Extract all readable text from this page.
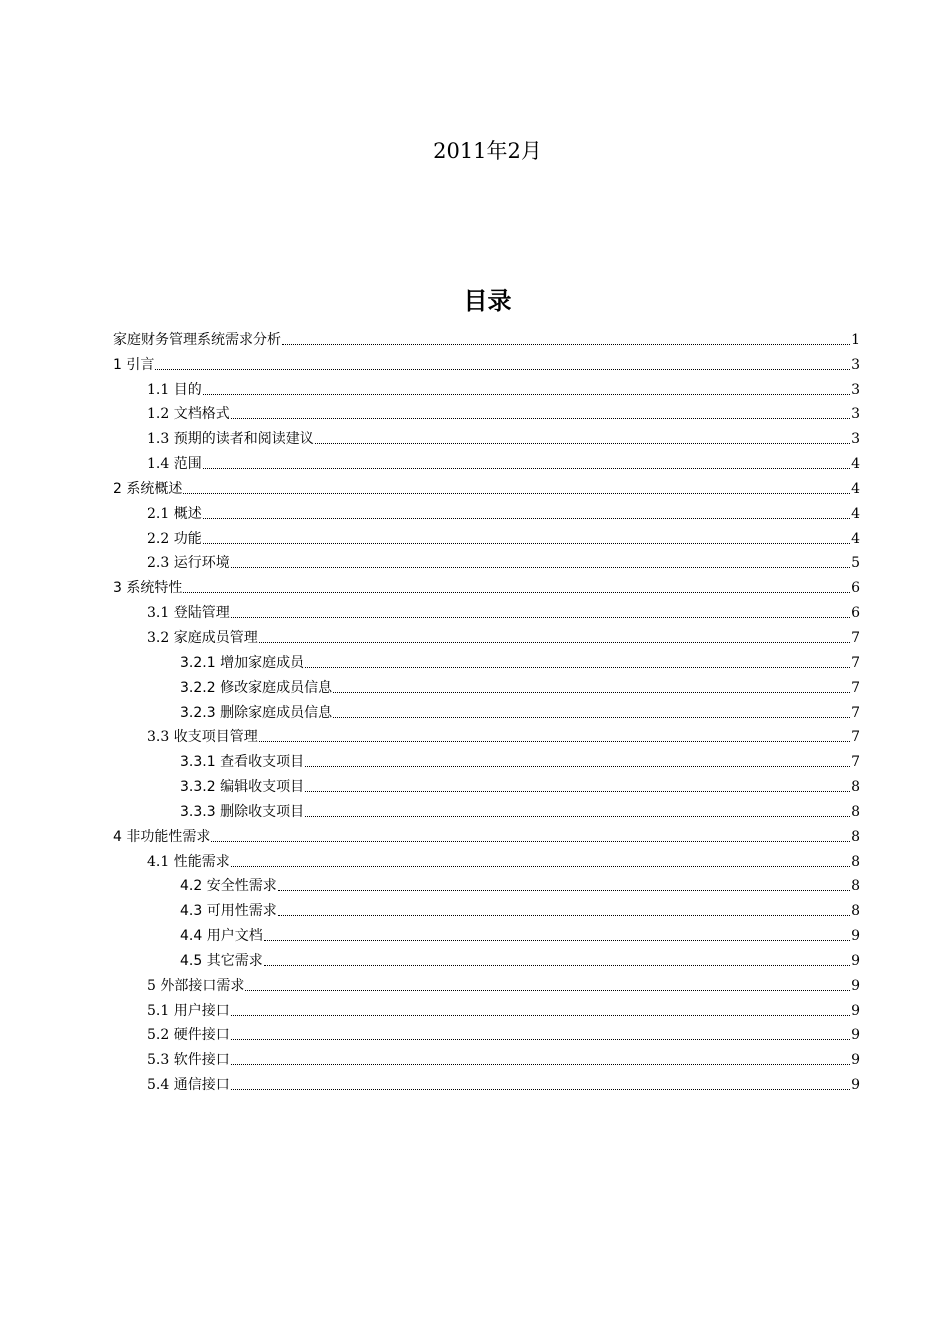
2011年2月
目录
家庭财务管理系统需求分析	1
1 引言	3
1.1 目的	3
1.2 文档格式	3
1.3 预期的读者和阅读建议	3
1.4 范围	4
2 系统概述	4
2.1 概述	4
2.2 功能	4
2.3 运行环境	5
3 系统特性	6
3.1 登陆管理	6
3.2 家庭成员管理	7
3.2.1 增加家庭成员	7
3.2.2 修改家庭成员信息	7
3.2.3 删除家庭成员信息	7
3.3 收支项目管理	7
3.3.1 查看收支项目	7
3.3.2 编辑收支项目	8
3.3.3 删除收支项目	8
4 非功能性需求	8
4.1 性能需求	8
4.2 安全性需求	8
4.3 可用性需求	8
4.4 用户文档	9
4.5 其它需求	9
5 外部接口需求	9
5.1 用户接口	9
5.2 硬件接口	9
5.3 软件接口	9
5.4 通信接口	9
